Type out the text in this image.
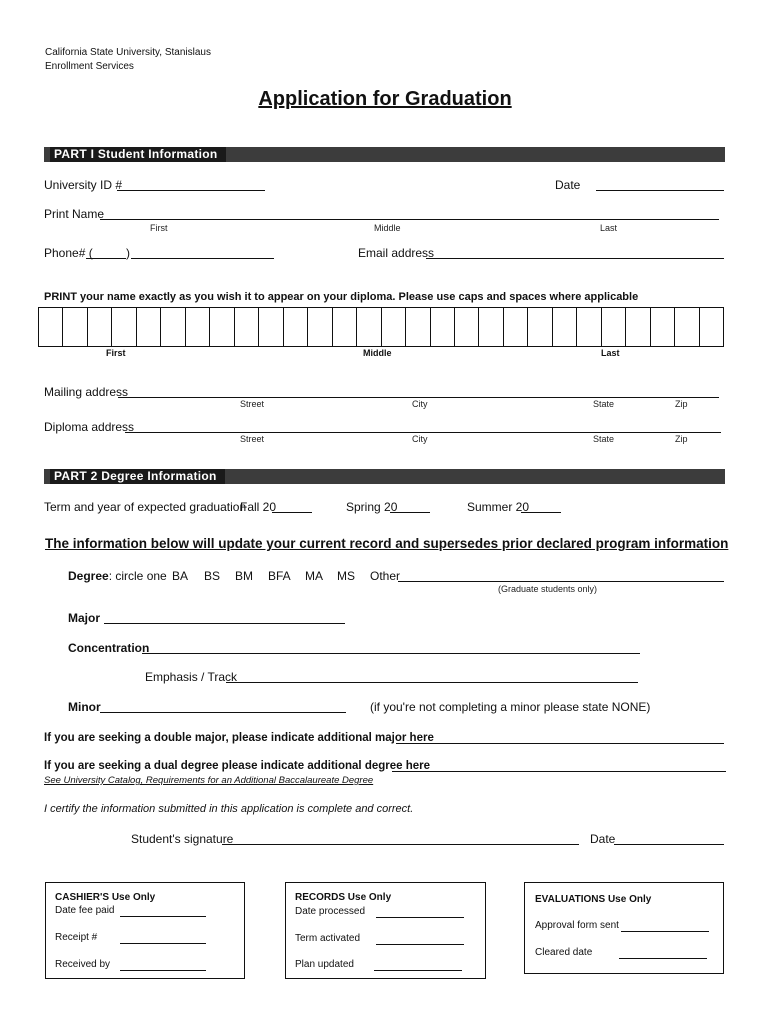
California State University, Stanislaus
Enrollment Services
Application for Graduation
PART I Student Information
University ID #	Date
Print Name
First	Middle	Last
Phone# (	)	Email address
PRINT your name exactly as you wish it to appear on your diploma. Please use caps and spaces where applicable
First	Middle	Last
Mailing address
Street	City	State	Zip
Diploma address
Street	City	State	Zip
PART 2 Degree Information
Term and year of expected graduation
Fall 20	Spring 20	Summer 20
The information below will update your current record and supersedes prior declared program information
Degree: circle one BA BS BM BFA MA MS Other
(Graduate students only)
Major
Concentration
Emphasis / Track
Minor	(if you're not completing a minor please state NONE)
If you are seeking a double major, please indicate additional major here
If you are seeking a dual degree please indicate additional degree here
See University Catalog, Requirements for an Additional Baccalaureate Degree
I certify the information submitted in this application is complete and correct.
Student's signature	Date
CASHIER'S Use Only
Date fee paid
Receipt #
Received by
RECORDS Use Only
Date processed
Term activated
Plan updated
EVALUATIONS Use Only
Approval form sent
Cleared date
